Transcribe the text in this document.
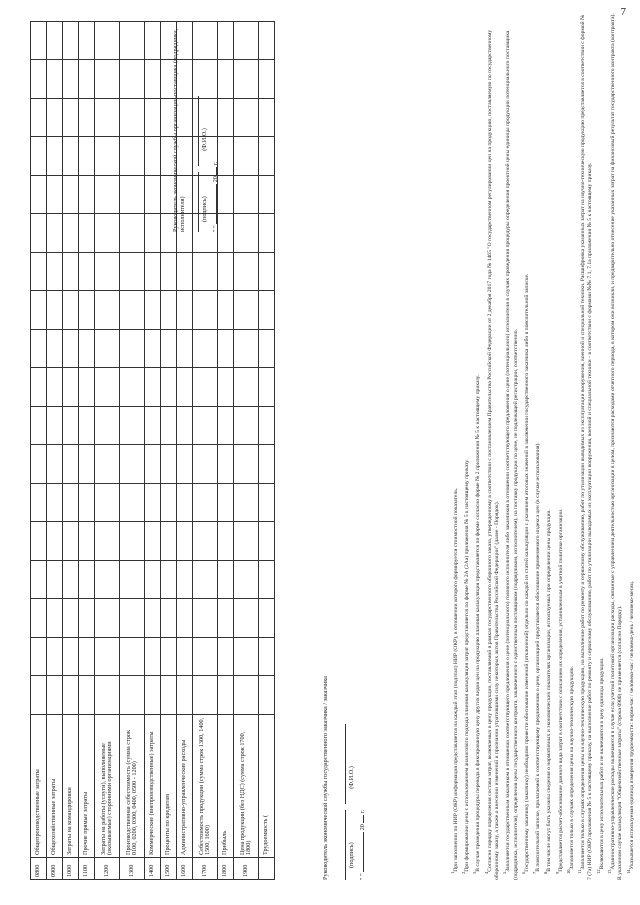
7
0800	Общепроизводственные затраты																		
0900	Общехозяйственные затраты																		
1000	Затраты на командировки																		
1100	Прочие прямые затраты																		
1200	Затраты на работы (услуги), выполняемые (оказываемые) сторонними организациями																		
1300	Производственная себестоимость (сумма строк 0100, 0200, 0300, 0400, 0500 - 1200)																		
1400	Коммерческие (внепроизводственные) затраты																		
1500	Проценты по кредитам																		
1600	Административно-управленческие расходы																		
1700	Себестоимость продукции (сумма строк 1300, 1400, 1500, 1600)																		
1800	Прибыль																		
1900	Цена продукции (без НДС) (сумма строк 1700, 1800)																		
	Трудоемкость (																			Руководитель экономической службы государственного заказчика / заказчика
	(подпись) (Ф.И.О.)
" "  20  г.
Руководитель экономической службы организации-поставщика (подрядчика, исполнителя)
(подпись) (Ф.И.О.)
" "  20  г.

$^1$При заполнении по НИР (ОКР) информация представляется на каждый этап (подэтап) НИР (ОКР), в отношении которого формируется стоимостной показатель.

$^2$При формировании цены с использованием аналогового подхода плановая калькуляция затрат представляется по форме № 2А (2Аа) приложения № 5 к настоящему приказу.

$^3$В случае проведения процедуры перевода в фиксированную цену других видов цен на продукцию плановая калькуляция представляется по форме согласно форме № 2 приложения № 5 к настоящему приказу.

$^4$Согласно порядку определения состава затрат, включаемых в цену продукции, поставляемой в рамках государственного оборонного заказа, утвержденному в соответствии с постановлением Правительства Российской Федерации от 2 декабря 2017 года № 1465 "О государственном регулировании цен на продукцию, поставляемую по государственному оборонному заказу, а также о внесении изменений и признании утратившими силу некоторых актов Правительства Российской Федерации" (далее - Порядок). $^5$Заполняется государственным заказчиком в отношении соответствующего предложения о цене (потенциального) головного исполнителя либо заказчиком в отношении соответствующего предложения о цене (потенциального) исполнителя в случаях проведения процедуры определения проектной цены единицы продукции потенциального поставщика (подрядчика, исполнителя), определения цены государственного контракта, заключенного с единственным поставщиком (подрядчиком, исполнителем), на поставку продукции по цене, не подлежащей регистрации, соответственно. $^6$Государственному заказчику (заказчику) необходимо провести обоснование изменений (отклонений) отдельно по каждой из статей калькуляции с указанием итоговых значений в заключении государственного заказчика либо в пояснительной записке.

$^7$В пояснительной записке, прилагаемой к соответствующему предложению о цене, организацией представляется обоснование применяемого индекса цен (в случае использования).

$^8$В том числе могут быть указаны сведения о нормативных и экономических показателях организации, используемых при определении цены продукции.

$^9$Представляется расчет-обоснование данного вида затрат в соответствии с описанием их определения, установленным в учетной политике организации. $^{10}$Заполняется только в случаях определения цены на научно-техническую продукцию.

$^{11}$Заполняется только в случаях определения цены на научно-техническую продукцию, на выполнение работ по ремонту и сервисному обслуживанию, работ по утилизации выводимых из эксплуатации вооружения, военной и специальной техники. Расшифровка указанных затрат на научно-техническую продукцию представляется в соответствии с формой № 7 (7а) НИР (ОКР) приложения № 5 к настоящему приказу, на выполнение работ по ремонту и сервисному обслуживанию, работ по утилизации выводимых из эксплуатации вооружения, военной и специальной техники - в соответствии с формами №№ 7.1, 7.1а приложения № 5 к настоящему приказу. $^{12}$Включаются в цену исполнительных работ и не включаются в цену единицы продукции.

$^{13}$Административно-управленческие расходы включаются в случае если учетной политикой организации расходы, связанные с управлением деятельностью организации в целом, признаются расходами отчетного периода, в котором они возникли, и предварительно отнесение указанных затрат на финансовый результат государственного контракта (контракта). В указанном случае калькуляция "Общехозяйственные затраты" (строка 0900) не применяется (согласно Порядку). $^{14}$Указывается используемая единица измерения трудоемкости: норма-час / человеко-час / человеко-день / человеко-месяц.
